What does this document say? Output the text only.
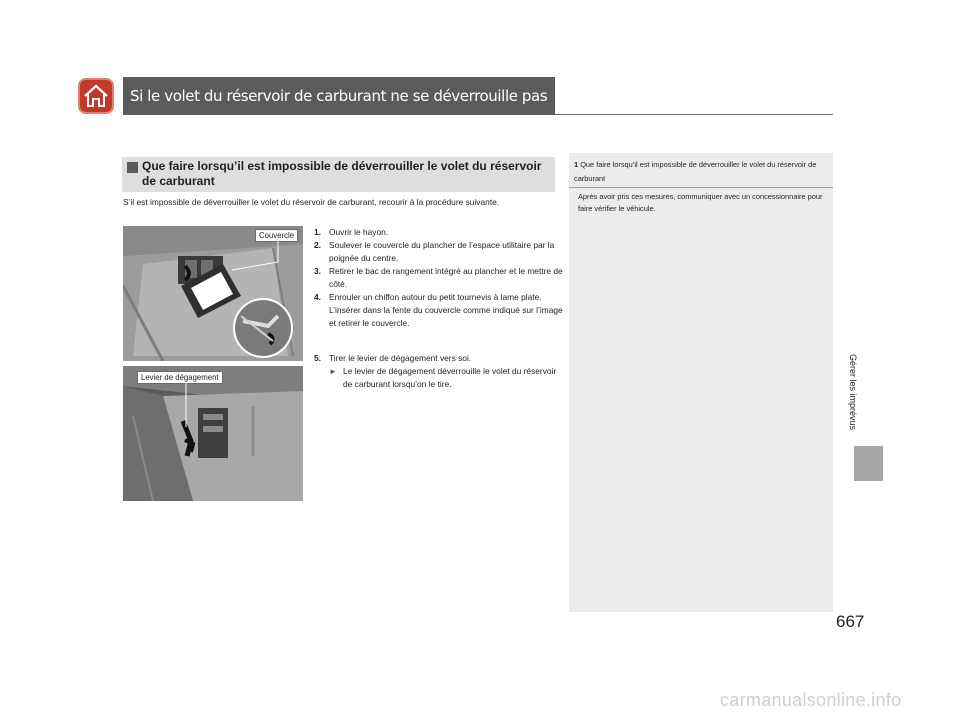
Si le volet du réservoir de carburant ne se déverrouille pas
Gérer les imprévus
Que faire lorsqu’il est impossible de déverrouiller le volet du réservoir de carburant

S’il est impossible de déverrouiller le volet du réservoir de carburant, recourir à la procédure suivante.

1. Ouvrir le hayon.
2. Soulever le couvercle du plancher de l’espace utilitaire par la poignée du centre.
3. Retirer le bac de rangement intégré au plancher et le mettre de côté.
4. Enrouler un chiffon autour du petit tournevis à lame plate. L’insérer dans la fente du couvercle comme indiqué sur l’image et retirer le couvercle.
5. Tirer le levier de dégagement vers soi.
► Le levier de dégagement déverrouille le volet du réservoir de carburant lorsqu’on le tire.
Couvercle
Levier de dégagement
1 Que faire lorsqu’il est impossible de déverrouiller le volet du réservoir de carburant
Après avoir pris ces mesures, communiquer avec un concessionnaire pour faire vérifier le véhicule.
667
carmanualsonline.info
